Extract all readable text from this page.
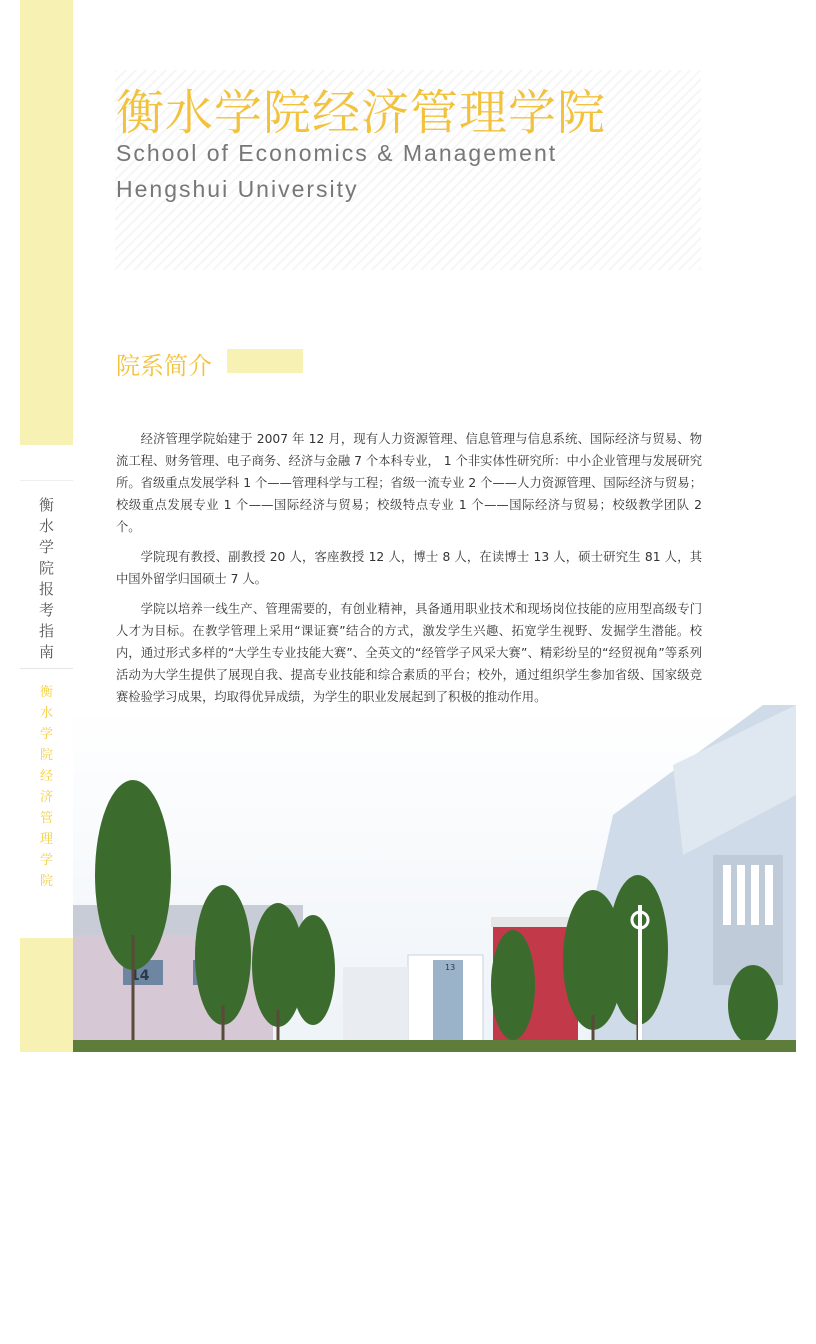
衡
水
学
院
报
考
指
南
衡
水
学
院
经
济
管
理
学
院
衡水学院经济管理学院
School of Economics & Management
Hengshui University
院系简介

经济管理学院始建于 2007 年 12 月，现有人力资源管理、信息管理与信息系统、国际经济与贸易、物流工程、财务管理、电子商务、经济与金融 7 个本科专业， 1 个非实体性研究所：中小企业管理与发展研究所。省级重点发展学科 1 个——管理科学与工程；省级一流专业 2 个——人力资源管理、国际经济与贸易；校级重点发展专业 1 个——国际经济与贸易；校级特点专业 1 个——国际经济与贸易；校级教学团队 2 个。

学院现有教授、副教授 20 人，客座教授 12 人，博士 8 人，在读博士 13 人，硕士研究生 81 人，其中国外留学归国硕士 7 人。

学院以培养一线生产、管理需要的，有创业精神，具备通用职业技术和现场岗位技能的应用型高级专门人才为目标。在教学管理上采用“课证赛”结合的方式，激发学生兴趣、拓宽学生视野、发掘学生潜能。校内，通过形式多样的“大学生专业技能大赛”、全英文的“经管学子风采大赛”、精彩纷呈的“经贸视角”等系列活动为大学生提供了展现自我、提高专业技能和综合素质的平台；校外，通过组织学生参加省级、国家级竞赛检验学习成果，均取得优异成绩，为学生的职业发展起到了积极的推动作用。

13
14
